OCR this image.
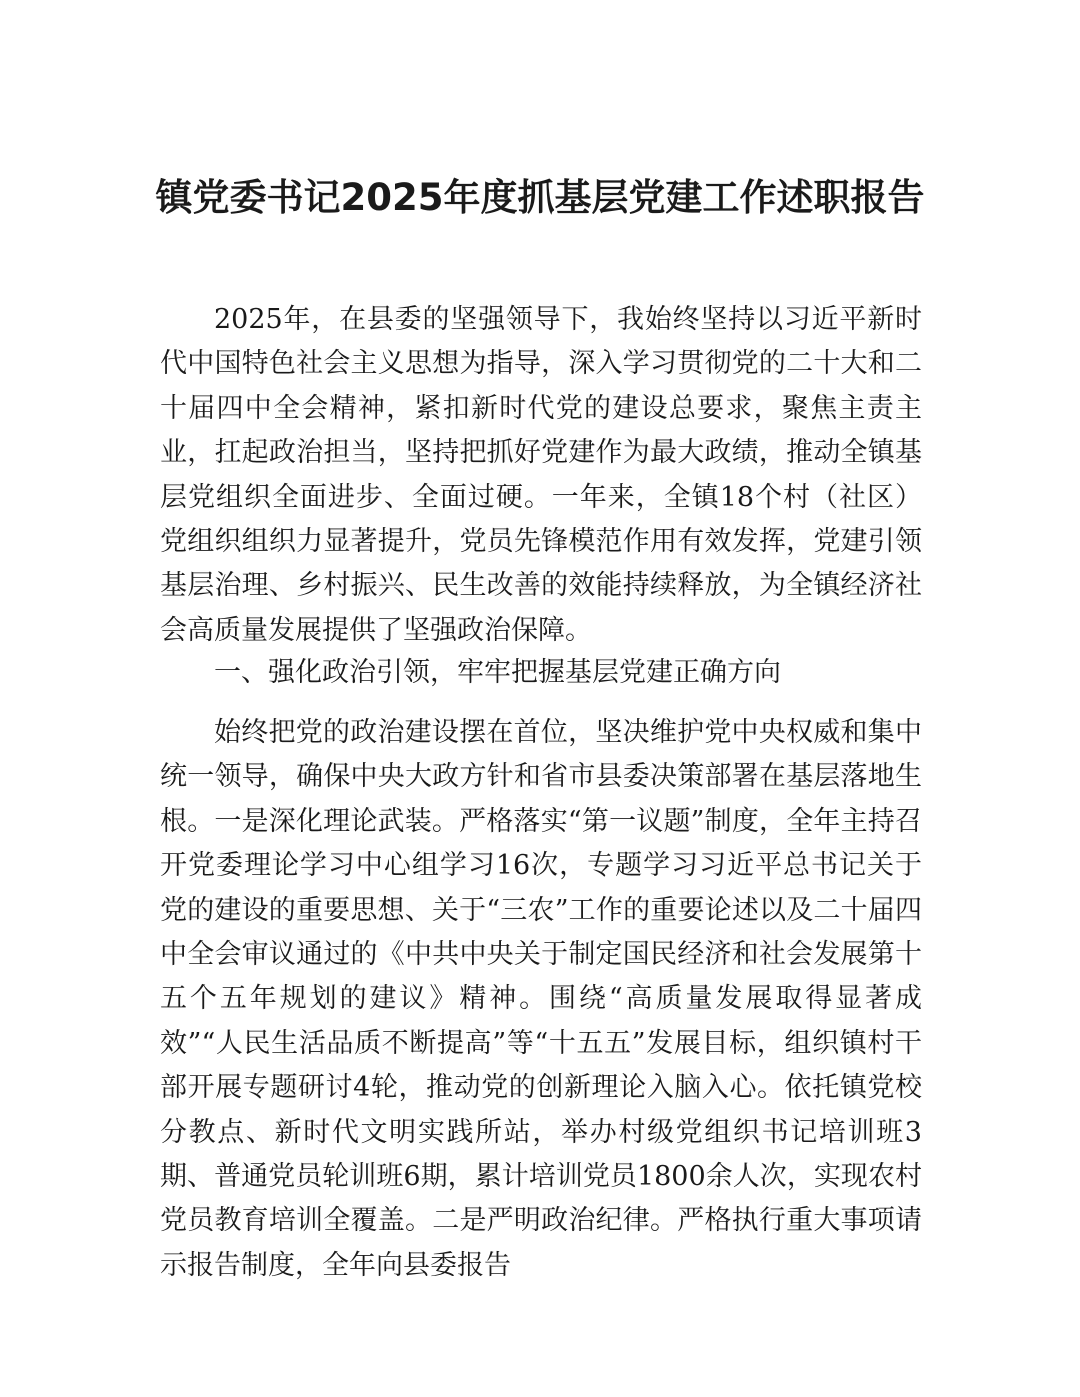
镇党委书记2025年度抓基层党建工作述职报告

2025年，在县委的坚强领导下，我始终坚持以习近平新时代中国特色社会主义思想为指导，深入学习贯彻党的二十大和二十届四中全会精神，紧扣新时代党的建设总要求，聚焦主责主业，扛起政治担当，坚持把抓好党建作为最大政绩，推动全镇基层党组织全面进步、全面过硬。一年来，全镇18个村（社区）党组织组织力显著提升，党员先锋模范作用有效发挥，党建引领基层治理、乡村振兴、民生改善的效能持续释放，为全镇经济社会高质量发展提供了坚强政治保障。

一、强化政治引领，牢牢把握基层党建正确方向

始终把党的政治建设摆在首位，坚决维护党中央权威和集中统一领导，确保中央大政方针和省市县委决策部署在基层落地生根。一是深化理论武装。严格落实“第一议题”制度，全年主持召开党委理论学习中心组学习16次，专题学习习近平总书记关于党的建设的重要思想、关于“三农”工作的重要论述以及二十届四中全会审议通过的《中共中央关于制定国民经济和社会发展第十五个五年规划的建议》精神。围绕“高质量发展取得显著成效”“人民生活品质不断提高”等“十五五”发展目标，组织镇村干部开展专题研讨4轮，推动党的创新理论入脑入心。依托镇党校分教点、新时代文明实践所站，举办村级党组织书记培训班3期、普通党员轮训班6期，累计培训党员1800余人次，实现农村党员教育培训全覆盖。二是严明政治纪律。严格执行重大事项请示报告制度，全年向县委报告
